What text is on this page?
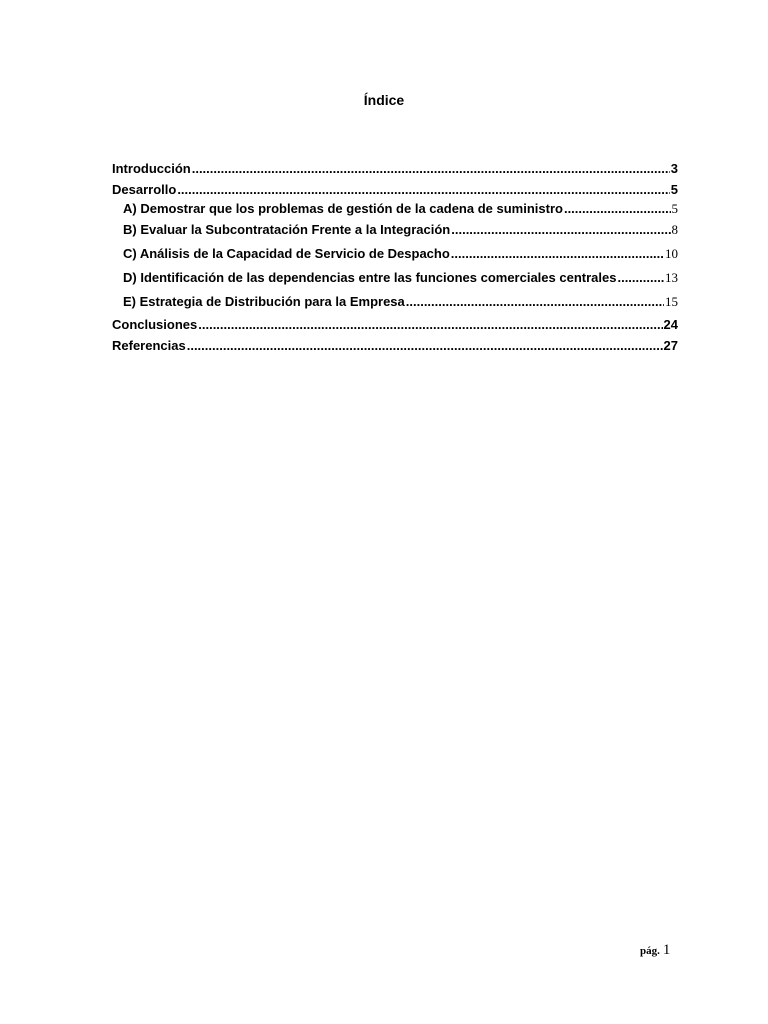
Índice
Introducción .....	3
Desarrollo .....	5
A) Demostrar que los problemas de gestión de la cadena de suministro .....	5
B) Evaluar la Subcontratación Frente a la Integración .....	8
C) Análisis de la Capacidad de Servicio de Despacho .....	10
D) Identificación de las dependencias entre las funciones comerciales centrales .....	13
E) Estrategia de Distribución para la Empresa .....	15
Conclusiones .....	24
Referencias .....	27
pág. 1
